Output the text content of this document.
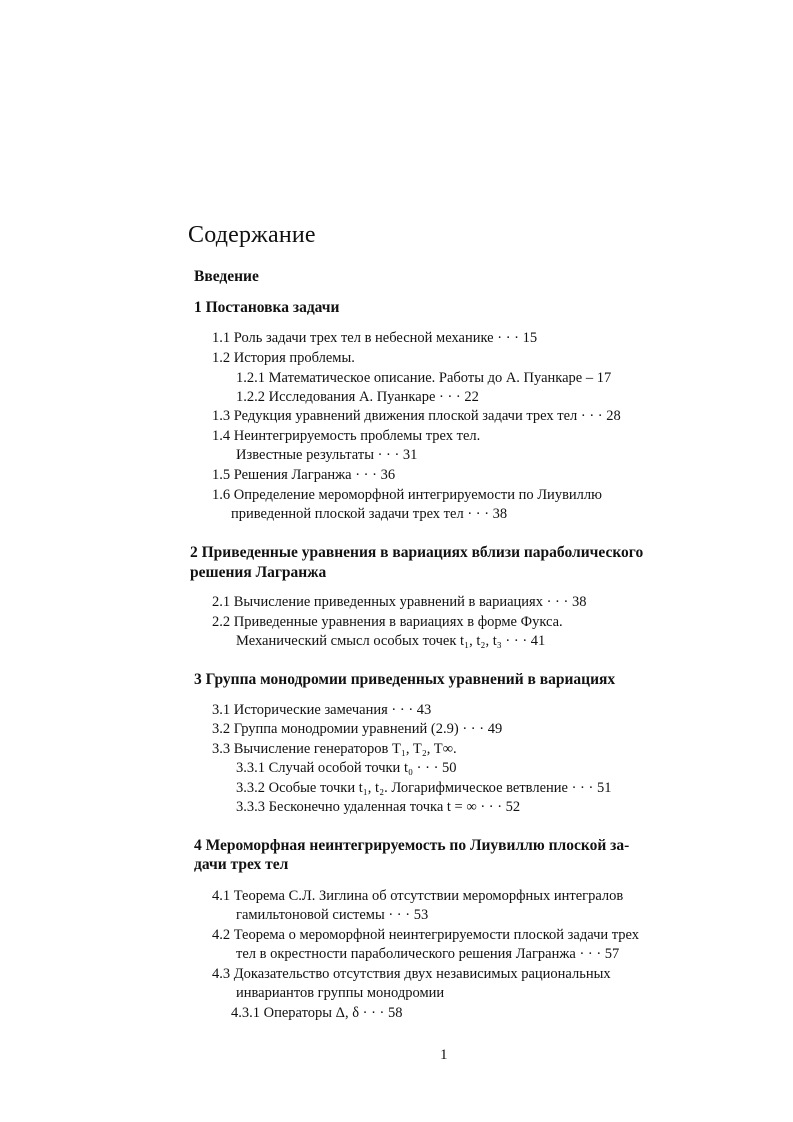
Содержание
Введение
1 Постановка задачи
1.1 Роль задачи трех тел в небесной механике · · · 15
1.2 История проблемы.
1.2.1 Математическое описание. Работы до А. Пуанкаре – 17
1.2.2 Исследования А. Пуанкаре · · · 22
1.3 Редукция уравнений движения плоской задачи трех тел · · · 28
1.4 Неинтегрируемость проблемы трех тел.
Известные результаты · · · 31
1.5 Решения Лагранжа · · · 36
1.6 Определение мероморфной интегрируемости по Лиувиллю
приведенной плоской задачи трех тел · · · 38
2 Приведенные уравнения в вариациях вблизи параболического
решения Лагранжа
2.1 Вычисление приведенных уравнений в вариациях · · · 38
2.2 Приведенные уравнения в вариациях в форме Фукса.
Механический смысл особых точек t₁, t₂, t₃ · · · 41
3 Группа монодромии приведенных уравнений в вариациях
3.1 Исторические замечания · · · 43
3.2 Группа монодромии уравнений (2.9) · · · 49
3.3 Вычисление генераторов T₁, T₂, T∞.
3.3.1 Случай особой точки t₀ · · · 50
3.3.2 Особые точки t₁, t₂. Логарифмическое ветвление · · · 51
3.3.3 Бесконечно удаленная точка t = ∞ · · · 52
4 Мероморфная неинтегрируемость по Лиувиллю плоской за-
дачи трех тел
4.1 Теорема С.Л. Зиглина об отсутствии мероморфных интегралов
гамильтоновой системы · · · 53
4.2 Теорема о мероморфной неинтегрируемости плоской задачи трех
тел в окрестности параболического решения Лагранжа · · · 57
4.3 Доказательство отсутствия двух независимых рациональных
инвариантов группы монодромии
4.3.1 Операторы Δ, δ · · · 58
1
